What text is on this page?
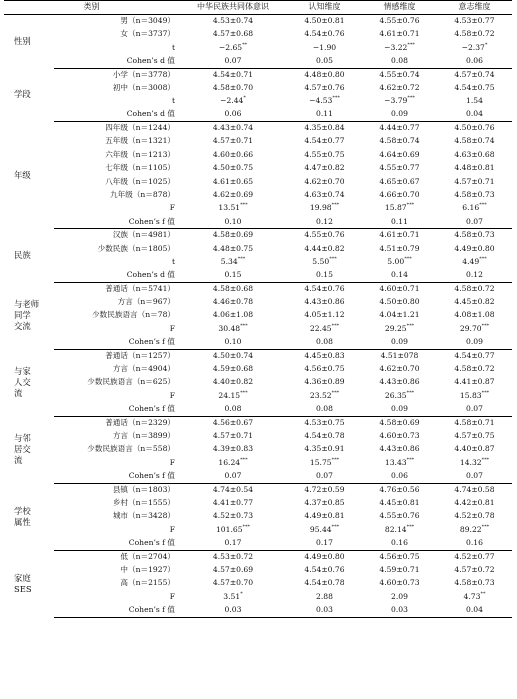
类别		中华民族共同体意识	认知维度	情感维度	意志维度

性别	男（n＝3049）	4.53±0.74	4.50±0.81	4.55±0.76	4.53±0.77
	女（n＝3737）	4.57±0.68	4.54±0.76	4.61±0.71	4.58±0.72
	t	−2.65**	−1.90	−3.22***	−2.37*
	Cohen’s d 值	0.07	0.05	0.08	0.06

学段	小学（n＝3778）	4.54±0.71	4.48±0.80	4.55±0.74	4.57±0.74
	初中（n＝3008）	4.58±0.70	4.57±0.76	4.62±0.72	4.54±0.75
	t	−2.44*	−4.53***	−3.79***	1.54
	Cohen’s d 值	0.06	0.11	0.09	0.04

年级	四年级（n＝1244）	4.43±0.74	4.35±0.84	4.44±0.77	4.50±0.76
	五年级（n＝1321）	4.57±0.71	4.54±0.77	4.58±0.74	4.58±0.74
	六年级（n＝1213）	4.60±0.66	4.55±0.75	4.64±0.69	4.63±0.68
	七年级（n＝1105）	4.50±0.75	4.47±0.82	4.55±0.77	4.48±0.81
	八年级（n＝1025）	4.61±0.65	4.62±0.70	4.65±0.67	4.57±0.71
	九年级（n＝878）	4.62±0.69	4.63±0.74	4.66±0.70	4.58±0.73
	F	13.51***	19.98***	15.87***	6.16***
	Cohen’s f 值	0.10	0.12	0.11	0.07

民族	汉族（n＝4981）	4.58±0.69	4.55±0.76	4.61±0.71	4.58±0.73
	少数民族（n＝1805）	4.48±0.75	4.44±0.82	4.51±0.79	4.49±0.80
	t	5.34***	5.50***	5.00***	4.49***
	Cohen’s d 值	0.15	0.15	0.14	0.12

与老师
同学
交流	普通话（n＝5741）	4.58±0.68	4.54±0.76	4.60±0.71	4.58±0.72
	方言（n＝967）	4.46±0.78	4.43±0.86	4.50±0.80	4.45±0.82
	少数民族语言（n＝78）	4.06±1.08	4.05±1.12	4.04±1.21	4.08±1.08
	F	30.48***	22.45***	29.25***	29.70***
	Cohen’s f 值	0.10	0.08	0.09	0.09

与家
人交
流	普通话（n＝1257）	4.50±0.74	4.45±0.83	4.51±078	4.54±0.77
	方言（n＝4904）	4.59±0.68	4.56±0.75	4.62±0.70	4.58±0.72
	少数民族语言（n＝625）	4.40±0.82	4.36±0.89	4.43±0.86	4.41±0.87
	F	24.15***	23.52***	26.35***	15.83***
	Cohen’s f 值	0.08	0.08	0.09	0.07

与邻
居交
流	普通话（n＝2329）	4.56±0.67	4.53±0.75	4.58±0.69	4.58±0.71
	方言（n＝3899）	4.57±0.71	4.54±0.78	4.60±0.73	4.57±0.75
	少数民族语言（n＝558）	4.39±0.83	4.35±0.91	4.43±0.86	4.40±0.87
	F	16.24***	15.75***	13.43***	14.32***
	Cohen’s f 值	0.07	0.07	0.06	0.07

学校
属性	县镇（n＝1803）	4.74±0.54	4.72±0.59	4.76±0.56	4.74±0.58
	乡村（n＝1555）	4.41±0.77	4.37±0.85	4.45±0.81	4.42±0.81
	城市（n＝3428）	4.52±0.73	4.49±0.81	4.55±0.76	4.52±0.78
	F	101.65***	95.44***	82.14***	89.22***
	Cohen’s f 值	0.17	0.17	0.16	0.16

家庭
SES	低（n＝2704）	4.53±0.72	4.49±0.80	4.56±0.75	4.52±0.77
	中（n＝1927）	4.57±0.69	4.54±0.76	4.59±0.71	4.57±0.72
	高（n＝2155）	4.57±0.70	4.54±0.78	4.60±0.73	4.58±0.73
	F	3.51*	2.88	2.09	4.73**
	Cohen’s f 值	0.03	0.03	0.03	0.04
